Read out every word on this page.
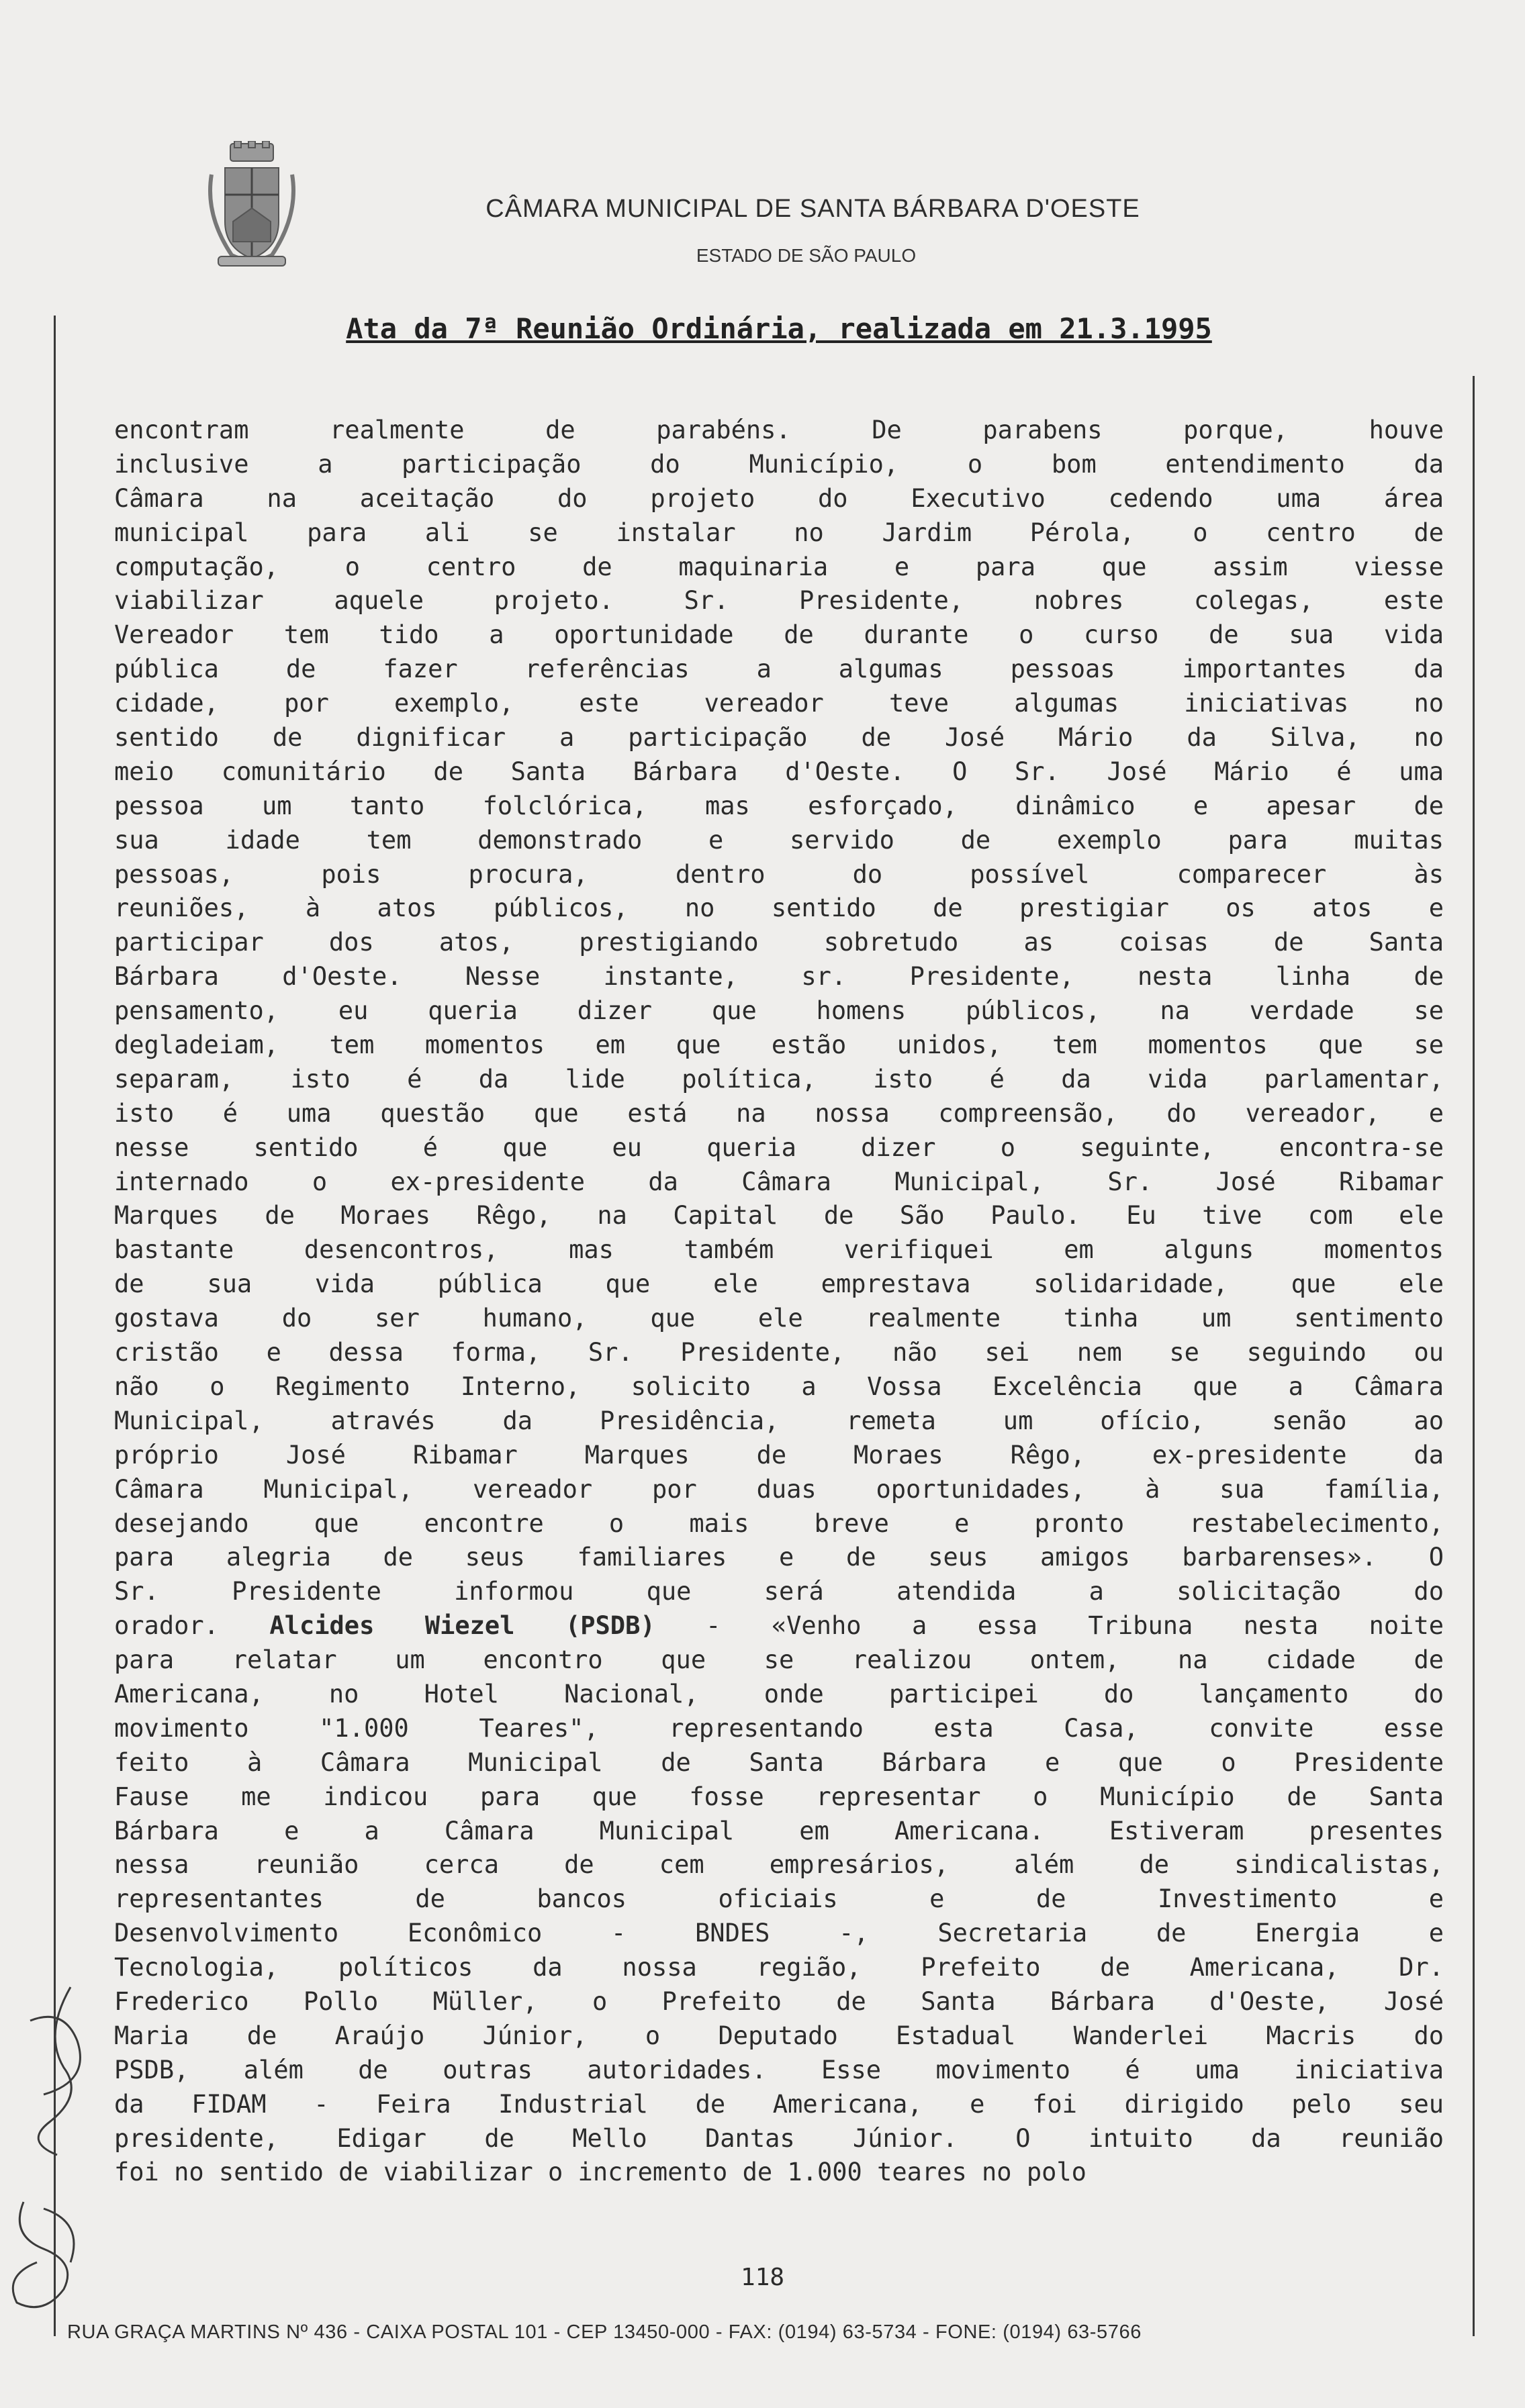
CÂMARA MUNICIPAL DE SANTA BÁRBARA D'OESTE
ESTADO DE SÃO PAULO
Ata da 7ª Reunião Ordinária, realizada em 21.3.1995
encontram realmente de parabéns. De parabens porque, houve
inclusive a participação do Município, o bom entendimento da
Câmara na aceitação do projeto do Executivo cedendo uma área
municipal para ali se instalar no Jardim Pérola, o centro de
computação, o centro de maquinaria e para que assim viesse
viabilizar aquele projeto. Sr. Presidente, nobres colegas, este
Vereador tem tido a oportunidade de durante o curso de sua vida
pública de fazer referências a algumas pessoas importantes da
cidade, por exemplo, este vereador teve algumas iniciativas no
sentido de dignificar a participação de José Mário da Silva, no
meio comunitário de Santa Bárbara d'Oeste. O Sr. José Mário é uma
pessoa um tanto folclórica, mas esforçado, dinâmico e apesar de
sua idade tem demonstrado e servido de exemplo para muitas
pessoas, pois procura, dentro do possível comparecer às
reuniões, à atos públicos, no sentido de prestigiar os atos e
participar dos atos, prestigiando sobretudo as coisas de Santa
Bárbara d'Oeste. Nesse instante, sr. Presidente, nesta linha de
pensamento, eu queria dizer que homens públicos, na verdade se
degladeiam, tem momentos em que estão unidos, tem momentos que se
separam, isto é da lide política, isto é da vida parlamentar,
isto é uma questão que está na nossa compreensão, do vereador, e
nesse sentido é que eu queria dizer o seguinte, encontra-se
internado o ex-presidente da Câmara Municipal, Sr. José Ribamar
Marques de Moraes Rêgo, na Capital de São Paulo. Eu tive com ele
bastante desencontros, mas também verifiquei em alguns momentos
de sua vida pública que ele emprestava solidaridade, que ele
gostava do ser humano, que ele realmente tinha um sentimento
cristão e dessa forma, Sr. Presidente, não sei nem se seguindo ou
não o Regimento Interno, solicito a Vossa Excelência que a Câmara
Municipal, através da Presidência, remeta um ofício, senão ao
próprio José Ribamar Marques de Moraes Rêgo, ex-presidente da
Câmara Municipal, vereador por duas oportunidades, à sua família,
desejando que encontre o mais breve e pronto restabelecimento,
para alegria de seus familiares e de seus amigos barbarenses». O
Sr. Presidente informou que será atendida a solicitação do
orador. Alcides Wiezel (PSDB) - «Venho a essa Tribuna nesta noite
para relatar um encontro que se realizou ontem, na cidade de
Americana, no Hotel Nacional, onde participei do lançamento do
movimento "1.000 Teares", representando esta Casa, convite esse
feito à Câmara Municipal de Santa Bárbara e que o Presidente
Fause me indicou para que fosse representar o Município de Santa
Bárbara e a Câmara Municipal em Americana. Estiveram presentes
nessa reunião cerca de cem empresários, além de sindicalistas,
representantes de bancos oficiais e de Investimento e
Desenvolvimento Econômico - BNDES -, Secretaria de Energia e
Tecnologia, políticos da nossa região, Prefeito de Americana, Dr.
Frederico Pollo Müller, o Prefeito de Santa Bárbara d'Oeste, José
Maria de Araújo Júnior, o Deputado Estadual Wanderlei Macris do
PSDB, além de outras autoridades. Esse movimento é uma iniciativa
da FIDAM - Feira Industrial de Americana, e foi dirigido pelo seu
presidente, Edigar de Mello Dantas Júnior. O intuito da reunião
foi no sentido de viabilizar o incremento de 1.000 teares no polo
118
RUA GRAÇA MARTINS Nº 436 - CAIXA POSTAL 101 - CEP 13450-000 - FAX: (0194) 63-5734 - FONE: (0194) 63-5766
